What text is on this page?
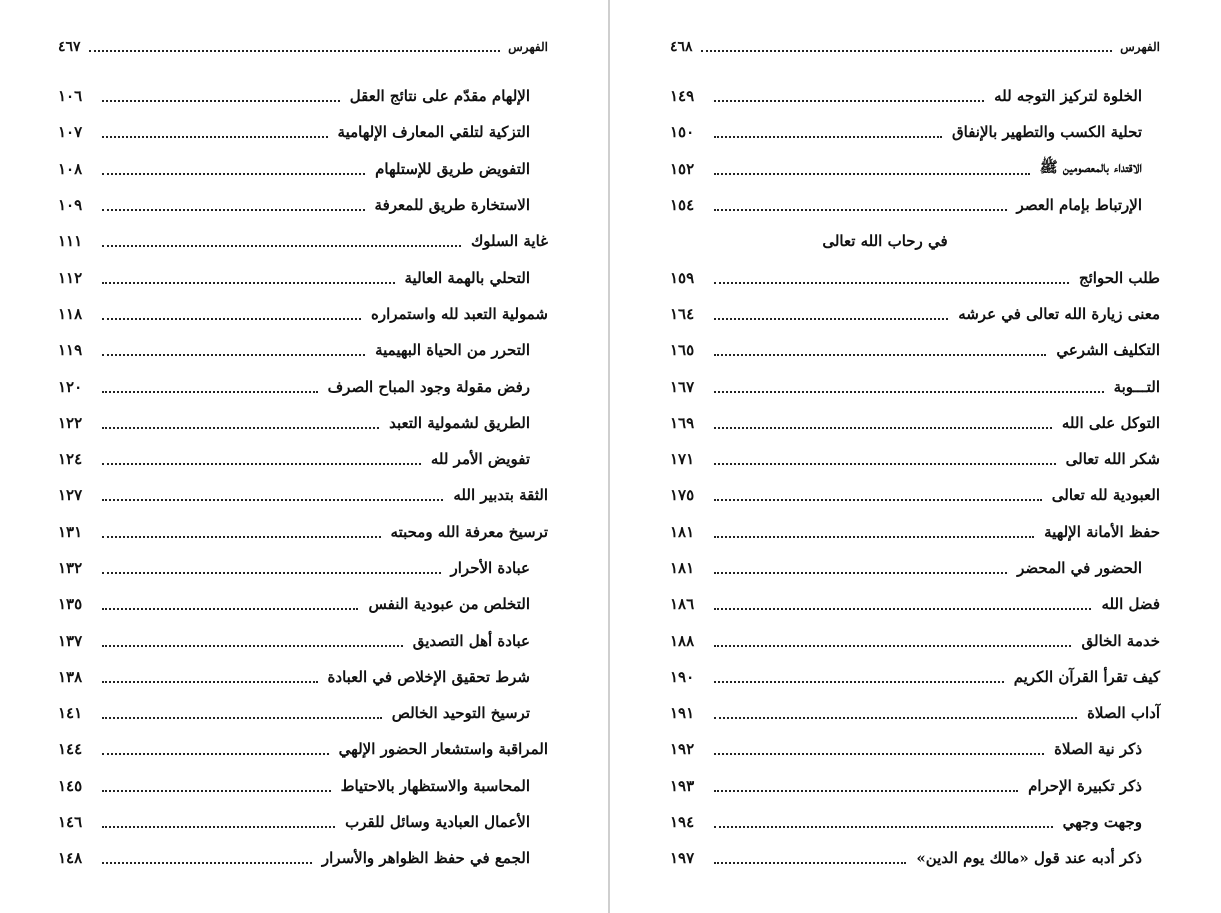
الفهرس
٤٦٧
الإلهام مقدّم على نتائج العقل
١٠٦
التزكية لتلقي المعارف الإلهامية
١٠٧
التفويض طريق للإستلهام
١٠٨
الاستخارة طريق للمعرفة
١٠٩
غاية السلوك
١١١
التحلي بالهمة العالية
١١٢
شمولية التعبد لله واستمراره
١١٨
التحرر من الحياة البهيمية
١١٩
رفض مقولة وجود المباح الصرف
١٢٠
الطريق لشمولية التعبد
١٢٢
تفويض الأمر لله
١٢٤
الثقة بتدبير الله
١٢٧
ترسيخ معرفة الله ومحبته
١٣١
عبادة الأحرار
١٣٢
التخلص من عبودية النفس
١٣٥
عبادة أهل التصديق
١٣٧
شرط تحقيق الإخلاص في العبادة
١٣٨
ترسيخ التوحيد الخالص
١٤١
المراقبة واستشعار الحضور الإلهي
١٤٤
المحاسبة والاستظهار بالاحتياط
١٤٥
الأعمال العبادية وسائل للقرب
١٤٦
الجمع في حفظ الظواهر والأسرار
١٤٨
الفهرس
٤٦٨
الخلوة لتركيز التوجه لله
١٤٩
تحلية الكسب والتطهير بالإنفاق
١٥٠
الاقتداء بالمعصومين ﷺ
١٥٢
الإرتباط بإمام العصر
١٥٤
في رحاب الله تعالى
طلب الحوائج
١٥٩
معنى زيارة الله تعالى في عرشه
١٦٤
التكليف الشرعي
١٦٥
التـــوبة
١٦٧
التوكل على الله
١٦٩
شكر الله تعالى
١٧١
العبودية لله تعالى
١٧٥
حفظ الأمانة الإلهية
١٨١
الحضور في المحضر
١٨١
فضل الله
١٨٦
خدمة الخالق
١٨٨
كيف تقرأ القرآن الكريم
١٩٠
آداب الصلاة
١٩١
ذكر نية الصلاة
١٩٢
ذكر تكبيرة الإحرام
١٩٣
وجهت وجهي
١٩٤
ذكر أدبه عند قول «مالك يوم الدين»
١٩٧
